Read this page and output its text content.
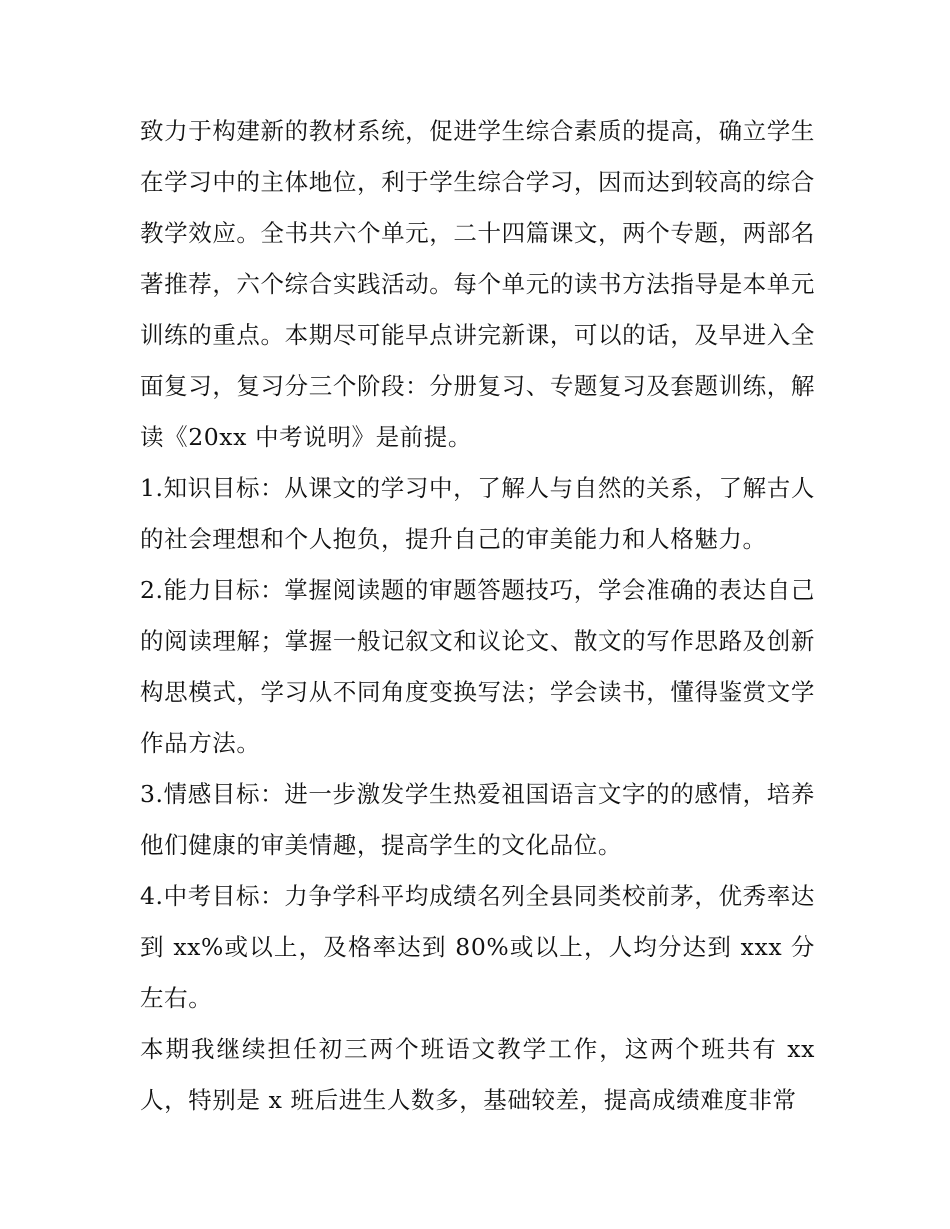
致力于构建新的教材系统，促进学生综合素质的提高，确立学生在学习中的主体地位，利于学生综合学习，因而达到较高的综合教学效应。全书共六个单元，二十四篇课文，两个专题，两部名著推荐，六个综合实践活动。每个单元的读书方法指导是本单元训练的重点。本期尽可能早点讲完新课，可以的话，及早进入全面复习，复习分三个阶段：分册复习、专题复习及套题训练，解读《20xx 中考说明》是前提。

1.知识目标：从课文的学习中，了解人与自然的关系，了解古人的社会理想和个人抱负，提升自己的审美能力和人格魅力。

2.能力目标：掌握阅读题的审题答题技巧，学会准确的表达自己的阅读理解；掌握一般记叙文和议论文、散文的写作思路及创新构思模式，学习从不同角度变换写法；学会读书，懂得鉴赏文学作品方法。

3.情感目标：进一步激发学生热爱祖国语言文字的的感情，培养他们健康的审美情趣，提高学生的文化品位。

4.中考目标：力争学科平均成绩名列全县同类校前茅，优秀率达到 xx%或以上，及格率达到 80%或以上，人均分达到 xxx 分左右。

本期我继续担任初三两个班语文教学工作，这两个班共有 xx 人，特别是 x 班后进生人数多，基础较差，提高成绩难度非常
